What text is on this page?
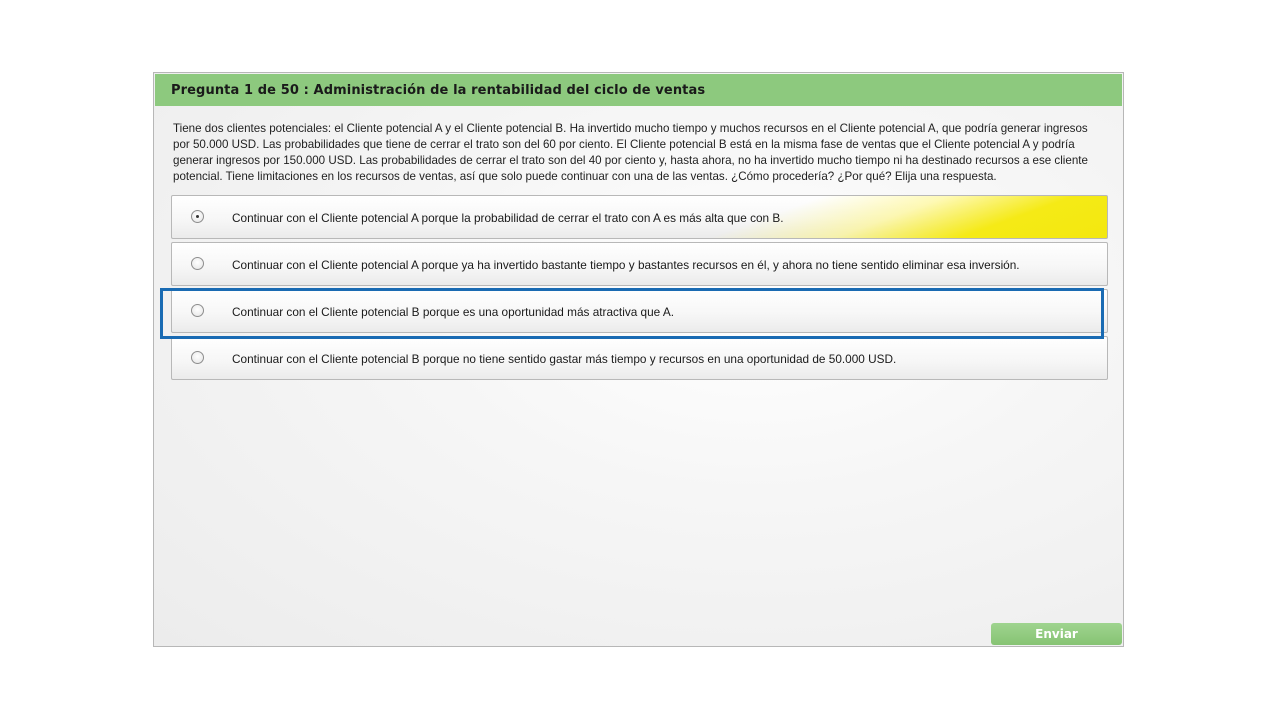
Pregunta 1 de 50 : Administración de la rentabilidad del ciclo de ventas

Tiene dos clientes potenciales: el Cliente potencial A y el Cliente potencial B. Ha invertido mucho tiempo y muchos recursos en el Cliente potencial A, que podría generar ingresos por 50.000 USD. Las probabilidades que tiene de cerrar el trato son del 60 por ciento. El Cliente potencial B está en la misma fase de ventas que el Cliente potencial A y podría generar ingresos por 150.000 USD. Las probabilidades de cerrar el trato son del 40 por ciento y, hasta ahora, no ha invertido mucho tiempo ni ha destinado recursos a ese cliente potencial. Tiene limitaciones en los recursos de ventas, así que solo puede continuar con una de las ventas. ¿Cómo procedería? ¿Por qué? Elija una respuesta.

Continuar con el Cliente potencial A porque la probabilidad de cerrar el trato con A es más alta que con B.
Continuar con el Cliente potencial A porque ya ha invertido bastante tiempo y bastantes recursos en él, y ahora no tiene sentido eliminar esa inversión.
Continuar con el Cliente potencial B porque es una oportunidad más atractiva que A.
Continuar con el Cliente potencial B porque no tiene sentido gastar más tiempo y recursos en una oportunidad de 50.000 USD.
Enviar
